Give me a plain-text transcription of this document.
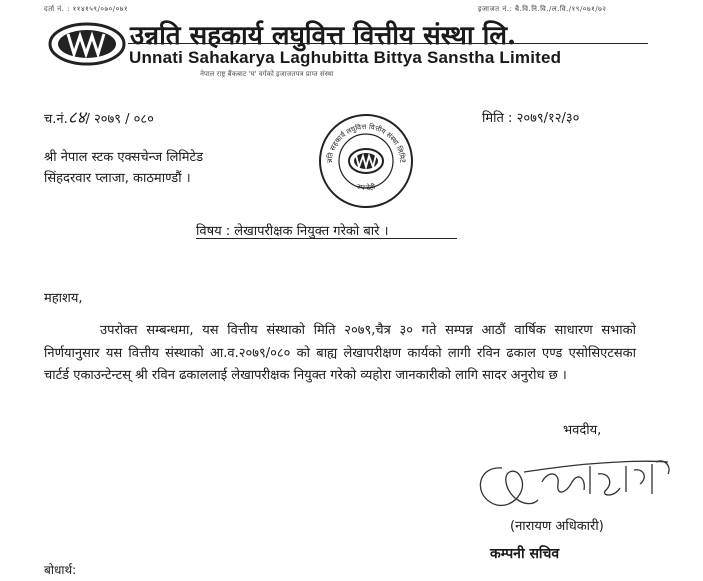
दर्ता नं. : ११४१५९/०७०/०७१	इजाजत नं.: बै.वि.नि.वि./ल.वि./१९/०७१/७२
उन्नति सहकार्य लघुवित्त वित्तीय संस्था लि.
Unnati Sahakarya Laghubitta Bittya Sanstha Limited
नेपाल राष्ट्र बैंकबाट 'घ' वर्गको इजाजतपत्र प्राप्त संस्था
च.नं.८४/ २०७९ / ०८०
न्नति सहकार्य लघुवित्त वित्तीय संस्था लिमिटे
रुपन्देही
मिति : २०७९/१२/३०
श्री नेपाल स्टक एक्सचेन्ज लिमिटेड
सिंहदरवार प्लाजा, काठमाण्डौं ।
विषय : लेखापरीक्षक नियुक्त गरेको बारे ।
महाशय,
उपरोक्त सम्बन्धमा, यस वित्तीय संस्थाको मिति २०७९,चैत्र ३० गते सम्पन्न आठौं वार्षिक साधारण सभाको निर्णयानुसार यस वित्तीय संस्थाको आ.व.२०७९/०८० को बाह्य लेखापरीक्षण कार्यको लागी रविन ढकाल एण्ड एसोसिएटसका चार्टर्ड एकाउन्टेन्टस् श्री रविन ढकाललाई लेखापरीक्षक नियुक्त गरेको व्यहोरा जानकारीको लागि सादर अनुरोध छ ।
भवदीय,
(नारायण अधिकारी)
कम्पनी सचिव
बोधार्थ:
